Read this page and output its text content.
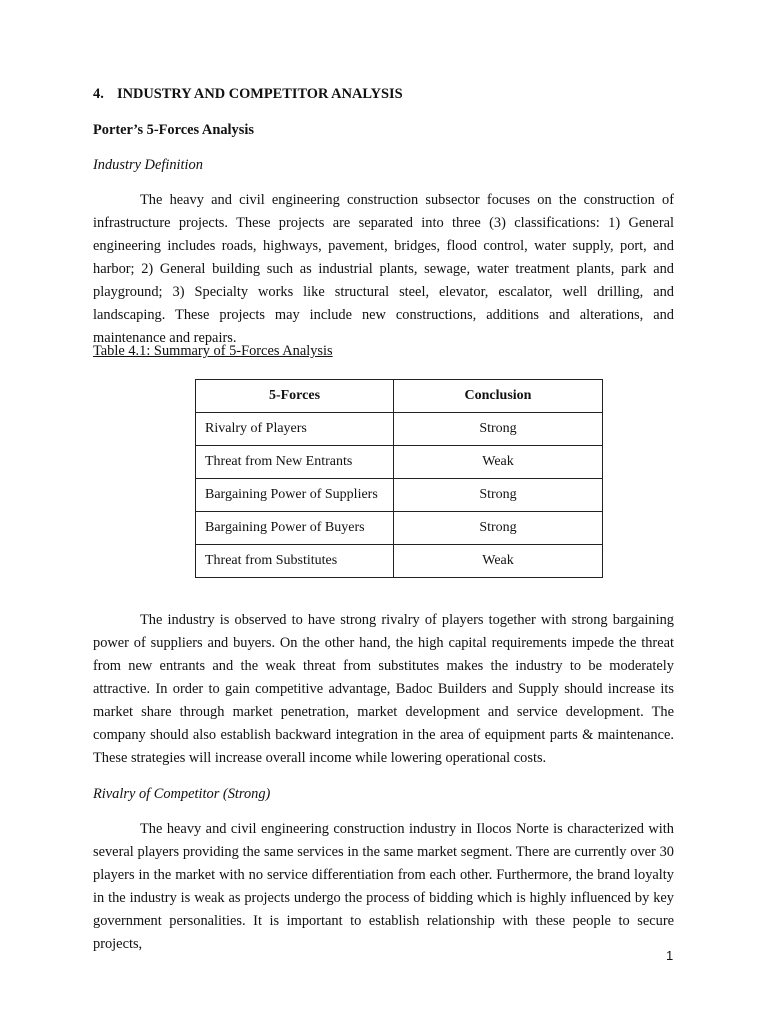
4. INDUSTRY AND COMPETITOR ANALYSIS
Porter’s 5-Forces Analysis
Industry Definition

The heavy and civil engineering construction subsector focuses on the construction of infrastructure projects. These projects are separated into three (3) classifications: 1) General engineering includes roads, highways, pavement, bridges, flood control, water supply, port, and harbor; 2) General building such as industrial plants, sewage, water treatment plants, park and playground; 3) Specialty works like structural steel, elevator, escalator, well drilling, and landscaping. These projects may include new constructions, additions and alterations, and maintenance and repairs.

Table 4.1: Summary of 5-Forces Analysis
5-Forces	Conclusion
Rivalry of Players	Strong
Threat from New Entrants	Weak
Bargaining Power of Suppliers	Strong
Bargaining Power of Buyers	Strong
Threat from Substitutes	Weak

The industry is observed to have strong rivalry of players together with strong bargaining power of suppliers and buyers. On the other hand, the high capital requirements impede the threat from new entrants and the weak threat from substitutes makes the industry to be moderately attractive. In order to gain competitive advantage, Badoc Builders and Supply should increase its market share through market penetration, market development and service development. The company should also establish backward integration in the area of equipment parts & maintenance. These strategies will increase overall income while lowering operational costs.

Rivalry of Competitor (Strong)

The heavy and civil engineering construction industry in Ilocos Norte is characterized with several players providing the same services in the same market segment. There are currently over 30 players in the market with no service differentiation from each other. Furthermore, the brand loyalty in the industry is weak as projects undergo the process of bidding which is highly influenced by key government personalities. It is important to establish relationship with these people to secure projects,

1
